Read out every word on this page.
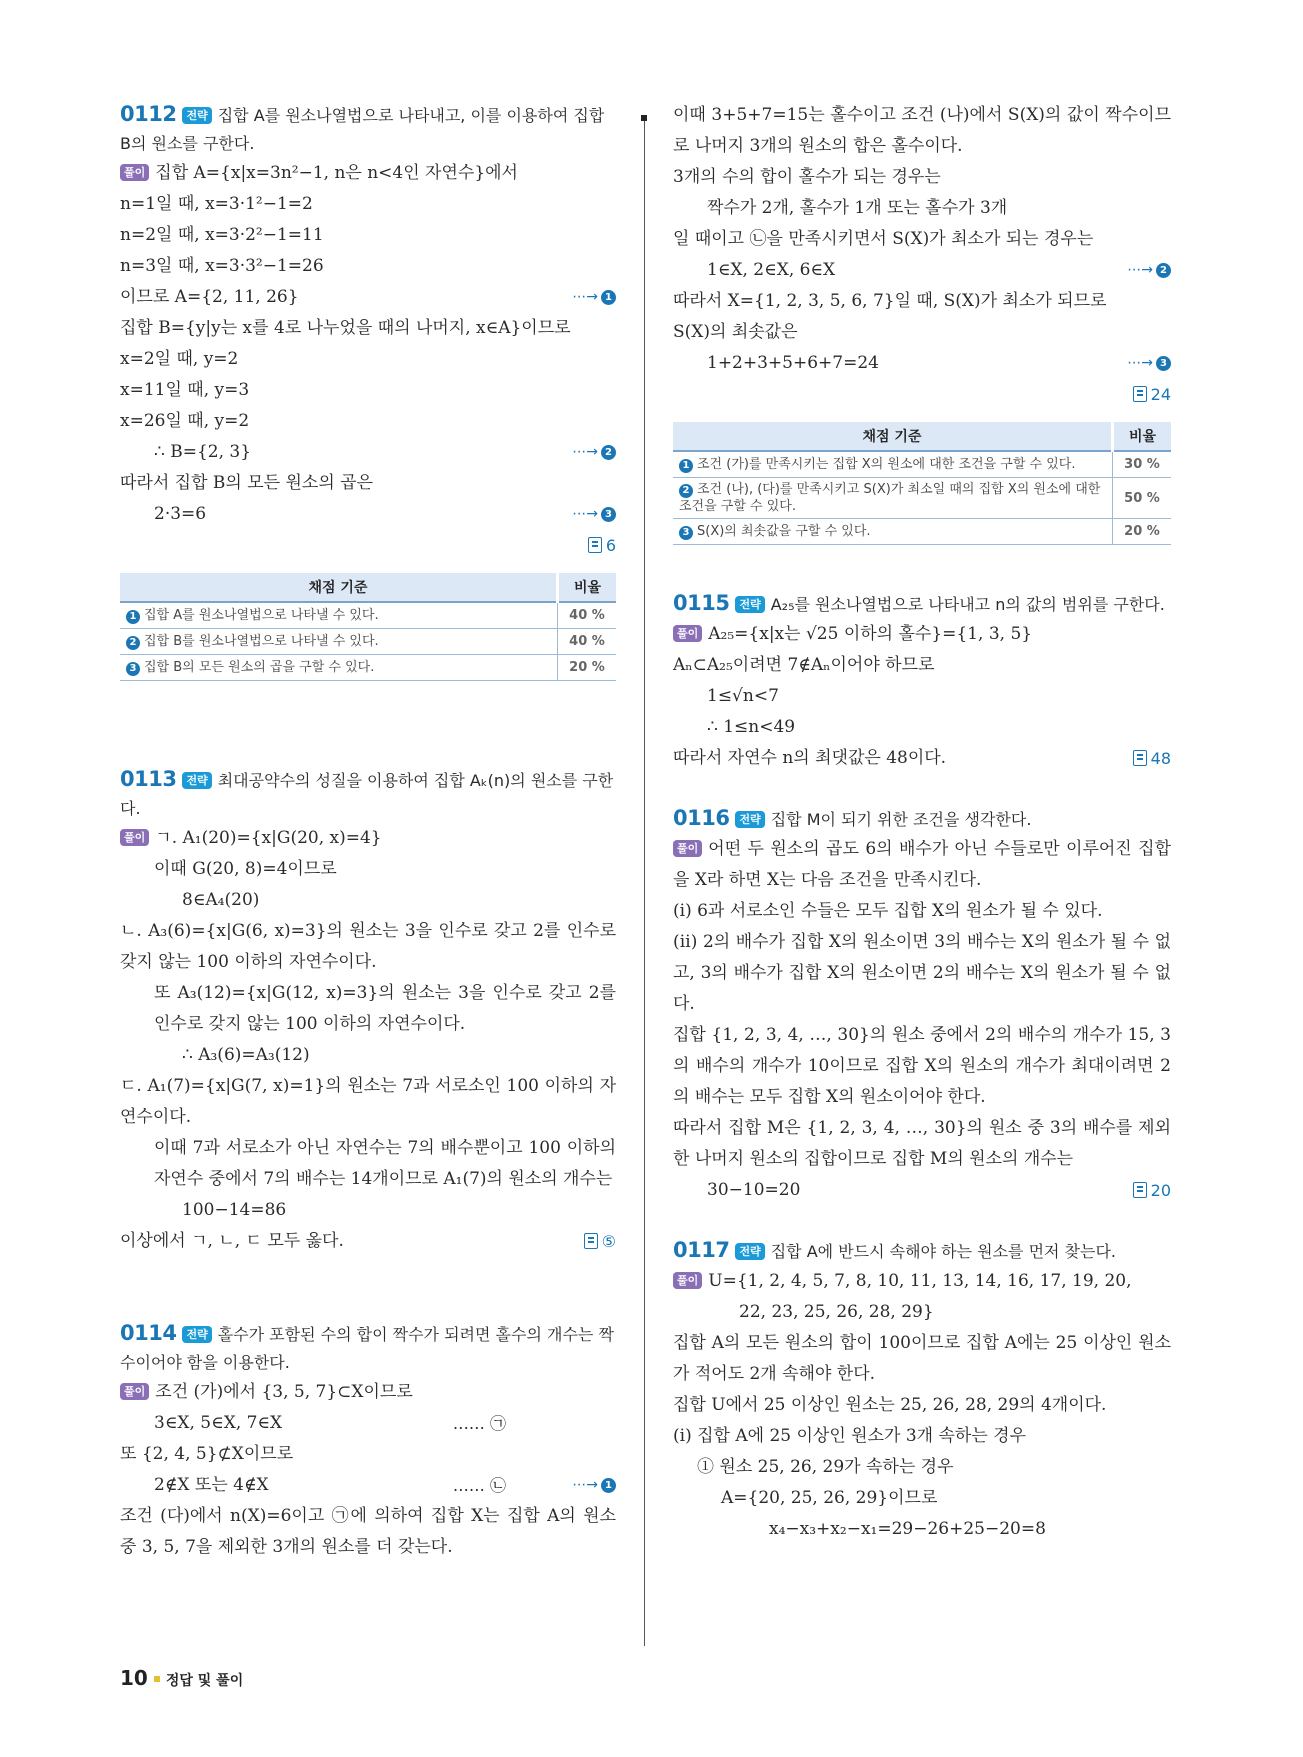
0112 전략 집합 A를 원소나열법으로 나타내고, 이를 이용하여 집합 B의 원소를 구한다.
풀이 집합 A={x|x=3n²−1, n은 n<4인 자연수}에서
n=1일 때, x=3·1²−1=2
n=2일 때, x=3·2²−1=11
n=3일 때, x=3·3²−1=26
이므로 A={2, 11, 26}	⋯→ 1
집합 B={y|y는 x를 4로 나누었을 때의 나머지, x∈A}이므로
x=2일 때, y=2
x=11일 때, y=3
x=26일 때, y=2
∴ B={2, 3}	⋯→ 2
따라서 집합 B의 모든 원소의 곱은
2·3=6	⋯→ 3
6
채점 기준	비율
1 집합 A를 원소나열법으로 나타낼 수 있다.	40 %
2 집합 B를 원소나열법으로 나타낼 수 있다.	40 %
3 집합 B의 모든 원소의 곱을 구할 수 있다.	20 %
0113 전략 최대공약수의 성질을 이용하여 집합 Aₖ(n)의 원소를 구한다.
풀이 ㄱ. A₁(20)={x|G(20, x)=4}
이때 G(20, 8)=4이므로
8∈A₄(20)
ㄴ. A₃(6)={x|G(6, x)=3}의 원소는 3을 인수로 갖고 2를 인수로 갖지 않는 100 이하의 자연수이다.
또 A₃(12)={x|G(12, x)=3}의 원소는 3을 인수로 갖고 2를 인수로 갖지 않는 100 이하의 자연수이다.
∴ A₃(6)=A₃(12)
ㄷ. A₁(7)={x|G(7, x)=1}의 원소는 7과 서로소인 100 이하의 자연수이다.
이때 7과 서로소가 아닌 자연수는 7의 배수뿐이고 100 이하의 자연수 중에서 7의 배수는 14개이므로 A₁(7)의 원소의 개수는
100−14=86
이상에서 ㄱ, ㄴ, ㄷ 모두 옳다.	⑤
0114 전략 홀수가 포함된 수의 합이 짝수가 되려면 홀수의 개수는 짝수이어야 함을 이용한다.
풀이 조건 (가)에서 {3, 5, 7}⊂X이므로
3∈X, 5∈X, 7∈X	…… ㉠
또 {2, 4, 5}⊄X이므로
2∉X 또는 4∉X	…… ㉡	⋯→ 1
조건 (다)에서 n(X)=6이고 ㉠에 의하여 집합 X는 집합 A의 원소 중 3, 5, 7을 제외한 3개의 원소를 더 갖는다.
이때 3+5+7=15는 홀수이고 조건 (나)에서 S(X)의 값이 짝수이므로 나머지 3개의 원소의 합은 홀수이다.
3개의 수의 합이 홀수가 되는 경우는
짝수가 2개, 홀수가 1개 또는 홀수가 3개
일 때이고 ㉡을 만족시키면서 S(X)가 최소가 되는 경우는
1∈X, 2∈X, 6∈X	⋯→ 2
따라서 X={1, 2, 3, 5, 6, 7}일 때, S(X)가 최소가 되므로
S(X)의 최솟값은
1+2+3+5+6+7=24	⋯→ 3
24
채점 기준	비율
1 조건 (가)를 만족시키는 집합 X의 원소에 대한 조건을 구할 수 있다.	30 %
2 조건 (나), (다)를 만족시키고 S(X)가 최소일 때의 집합 X의 원소에 대한 조건을 구할 수 있다.	50 %
3 S(X)의 최솟값을 구할 수 있다.	20 %
0115 전략 A₂₅를 원소나열법으로 나타내고 n의 값의 범위를 구한다.
풀이 A₂₅={x|x는 √25 이하의 홀수}={1, 3, 5}
Aₙ⊂A₂₅이려면 7∉Aₙ이어야 하므로
1≤√n<7
∴ 1≤n<49
따라서 자연수 n의 최댓값은 48이다.	48
0116 전략 집합 M이 되기 위한 조건을 생각한다.
풀이 어떤 두 원소의 곱도 6의 배수가 아닌 수들로만 이루어진 집합을 X라 하면 X는 다음 조건을 만족시킨다.
(ⅰ) 6과 서로소인 수들은 모두 집합 X의 원소가 될 수 있다.
(ⅱ) 2의 배수가 집합 X의 원소이면 3의 배수는 X의 원소가 될 수 없고, 3의 배수가 집합 X의 원소이면 2의 배수는 X의 원소가 될 수 없다.
집합 {1, 2, 3, 4, …, 30}의 원소 중에서 2의 배수의 개수가 15, 3의 배수의 개수가 10이므로 집합 X의 원소의 개수가 최대이려면 2의 배수는 모두 집합 X의 원소이어야 한다.
따라서 집합 M은 {1, 2, 3, 4, …, 30}의 원소 중 3의 배수를 제외한 나머지 원소의 집합이므로 집합 M의 원소의 개수는
30−10=20	20
0117 전략 집합 A에 반드시 속해야 하는 원소를 먼저 찾는다.
풀이 U={1, 2, 4, 5, 7, 8, 10, 11, 13, 14, 16, 17, 19, 20,
22, 23, 25, 26, 28, 29}
집합 A의 모든 원소의 합이 100이므로 집합 A에는 25 이상인 원소가 적어도 2개 속해야 한다.
집합 U에서 25 이상인 원소는 25, 26, 28, 29의 4개이다.
(ⅰ) 집합 A에 25 이상인 원소가 3개 속하는 경우
① 원소 25, 26, 29가 속하는 경우
A={20, 25, 26, 29}이므로
x₄−x₃+x₂−x₁=29−26+25−20=8
10 정답 및 풀이
